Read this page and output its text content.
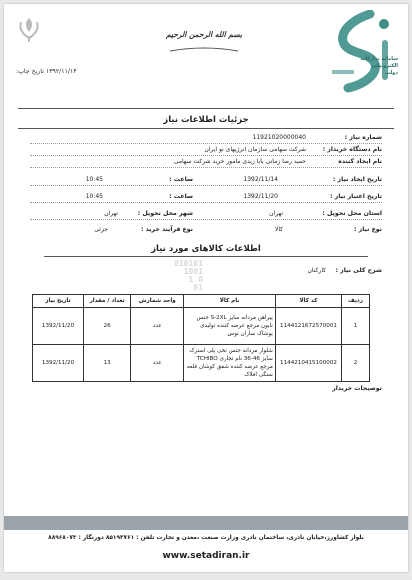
۱۳۹۲/۱۱/۱۴ تاریخ چاپ:
بسم الله الرحمن الرحیم
سامانه تدارکات الکترونیکی دولت
جزئیات اطلاعات نیاز
شماره نیاز :
11921020000040
نام دستگاه خریدار :
شرکت سهامی سازمان انرژیهای نو ایران
نام ایجاد کننده
حمید رضا زمانی بابا زیدی مامور خرید شرکت سهامی
تاریخ ایجاد نیاز :
1392/11/14
ساعت :
10:45
تاریخ اعتبار نیاز :
1392/11/20
ساعت :
10:45
استان محل تحویل :
تهران
شهر محل تحویل :
تهران
نوع نیاز :
کالا
نوع فرآیند خرید :
جزئی
اطلاعات کالاهای مورد نیاز
010101
1001
0 1
01
شرح کلی نیاز :
کارکنان
ردیف	کد کالا	نام کالا	واحد شمارش	تعداد / مقدار	تاریخ نیاز
1	1144121672570001	پیراهن مردانه سایز S-2XL جنس نایون مرجع عرضه کننده تولیدی پوشاک ساران توس	عدد	26	1392/11/20
2	1144210415100002	شلوار مردانه جنس نخی پلی استرک سایز 46-36 نام تجاری TCHIBO مرجع عرضه کننده شفق کوشان قلعه سنگی افلاک	عدد	13	1392/11/20
توضیحات خریدار
بلوار کشاورز،خیابان نادری، ساختمان نادری وزارت صنعت ،معدن و تجارت تلفن : ۸۵۱۹۳۷۶۱ دورنگار : ۸۸۹۶۸۰۷۳
www.setadiran.ir
